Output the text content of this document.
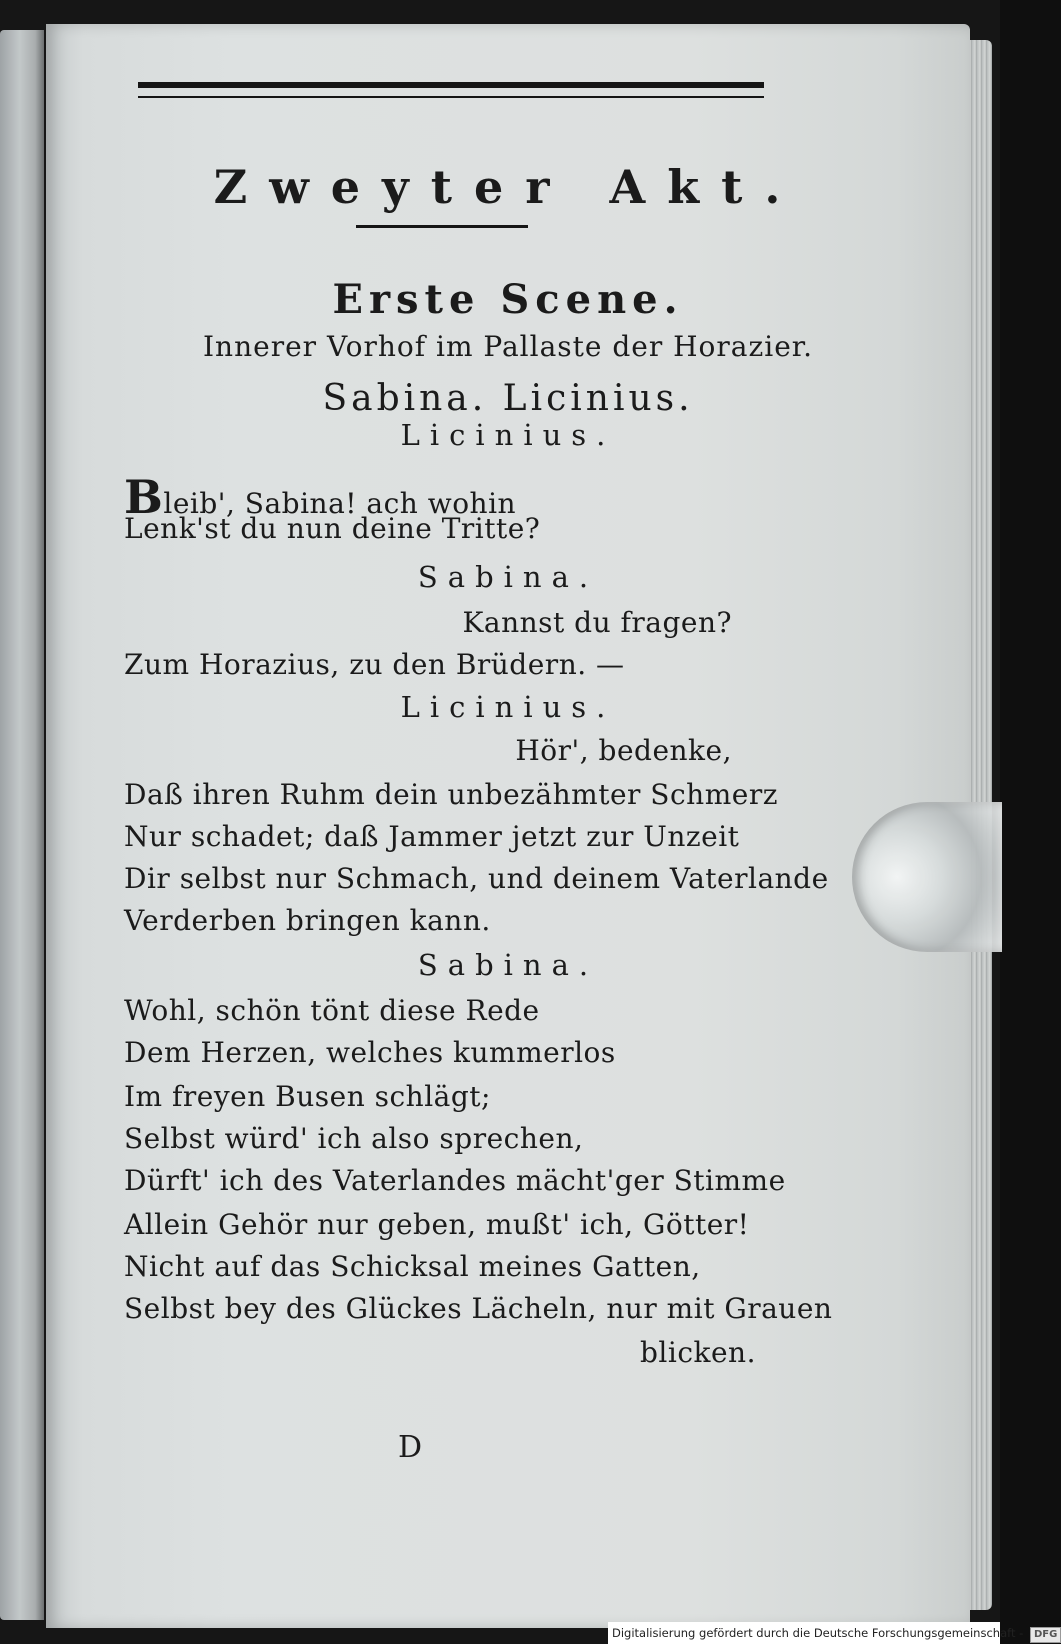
Zweyter Akt.
Erste Scene.
Innerer Vorhof im Pallaste der Horazier.
Sabina. Licinius.
Licinius.
Bleib', Sabina! ach wohin
Lenk'st du nun deine Tritte?
Sabina.
Kannst du fragen?
Zum Horazius, zu den Brüdern. —
Licinius.
Hör', bedenke,
Daß ihren Ruhm dein unbezähmter Schmerz
Nur schadet; daß Jammer jetzt zur Unzeit
Dir selbst nur Schmach, und deinem Vaterlande
Verderben bringen kann.
Sabina.
Wohl, schön tönt diese Rede
Dem Herzen, welches kummerlos
Im freyen Busen schlägt;
Selbst würd' ich also sprechen,
Dürft' ich des Vaterlandes mächt'ger Stimme
Allein Gehör nur geben, mußt' ich, Götter!
Nicht auf das Schicksal meines Gatten,
Selbst bey des Glückes Lächeln, nur mit Grauen
blicken.
D
Digitalisierung gefördert durch die Deutsche Forschungsgemeinschaft - DFG
